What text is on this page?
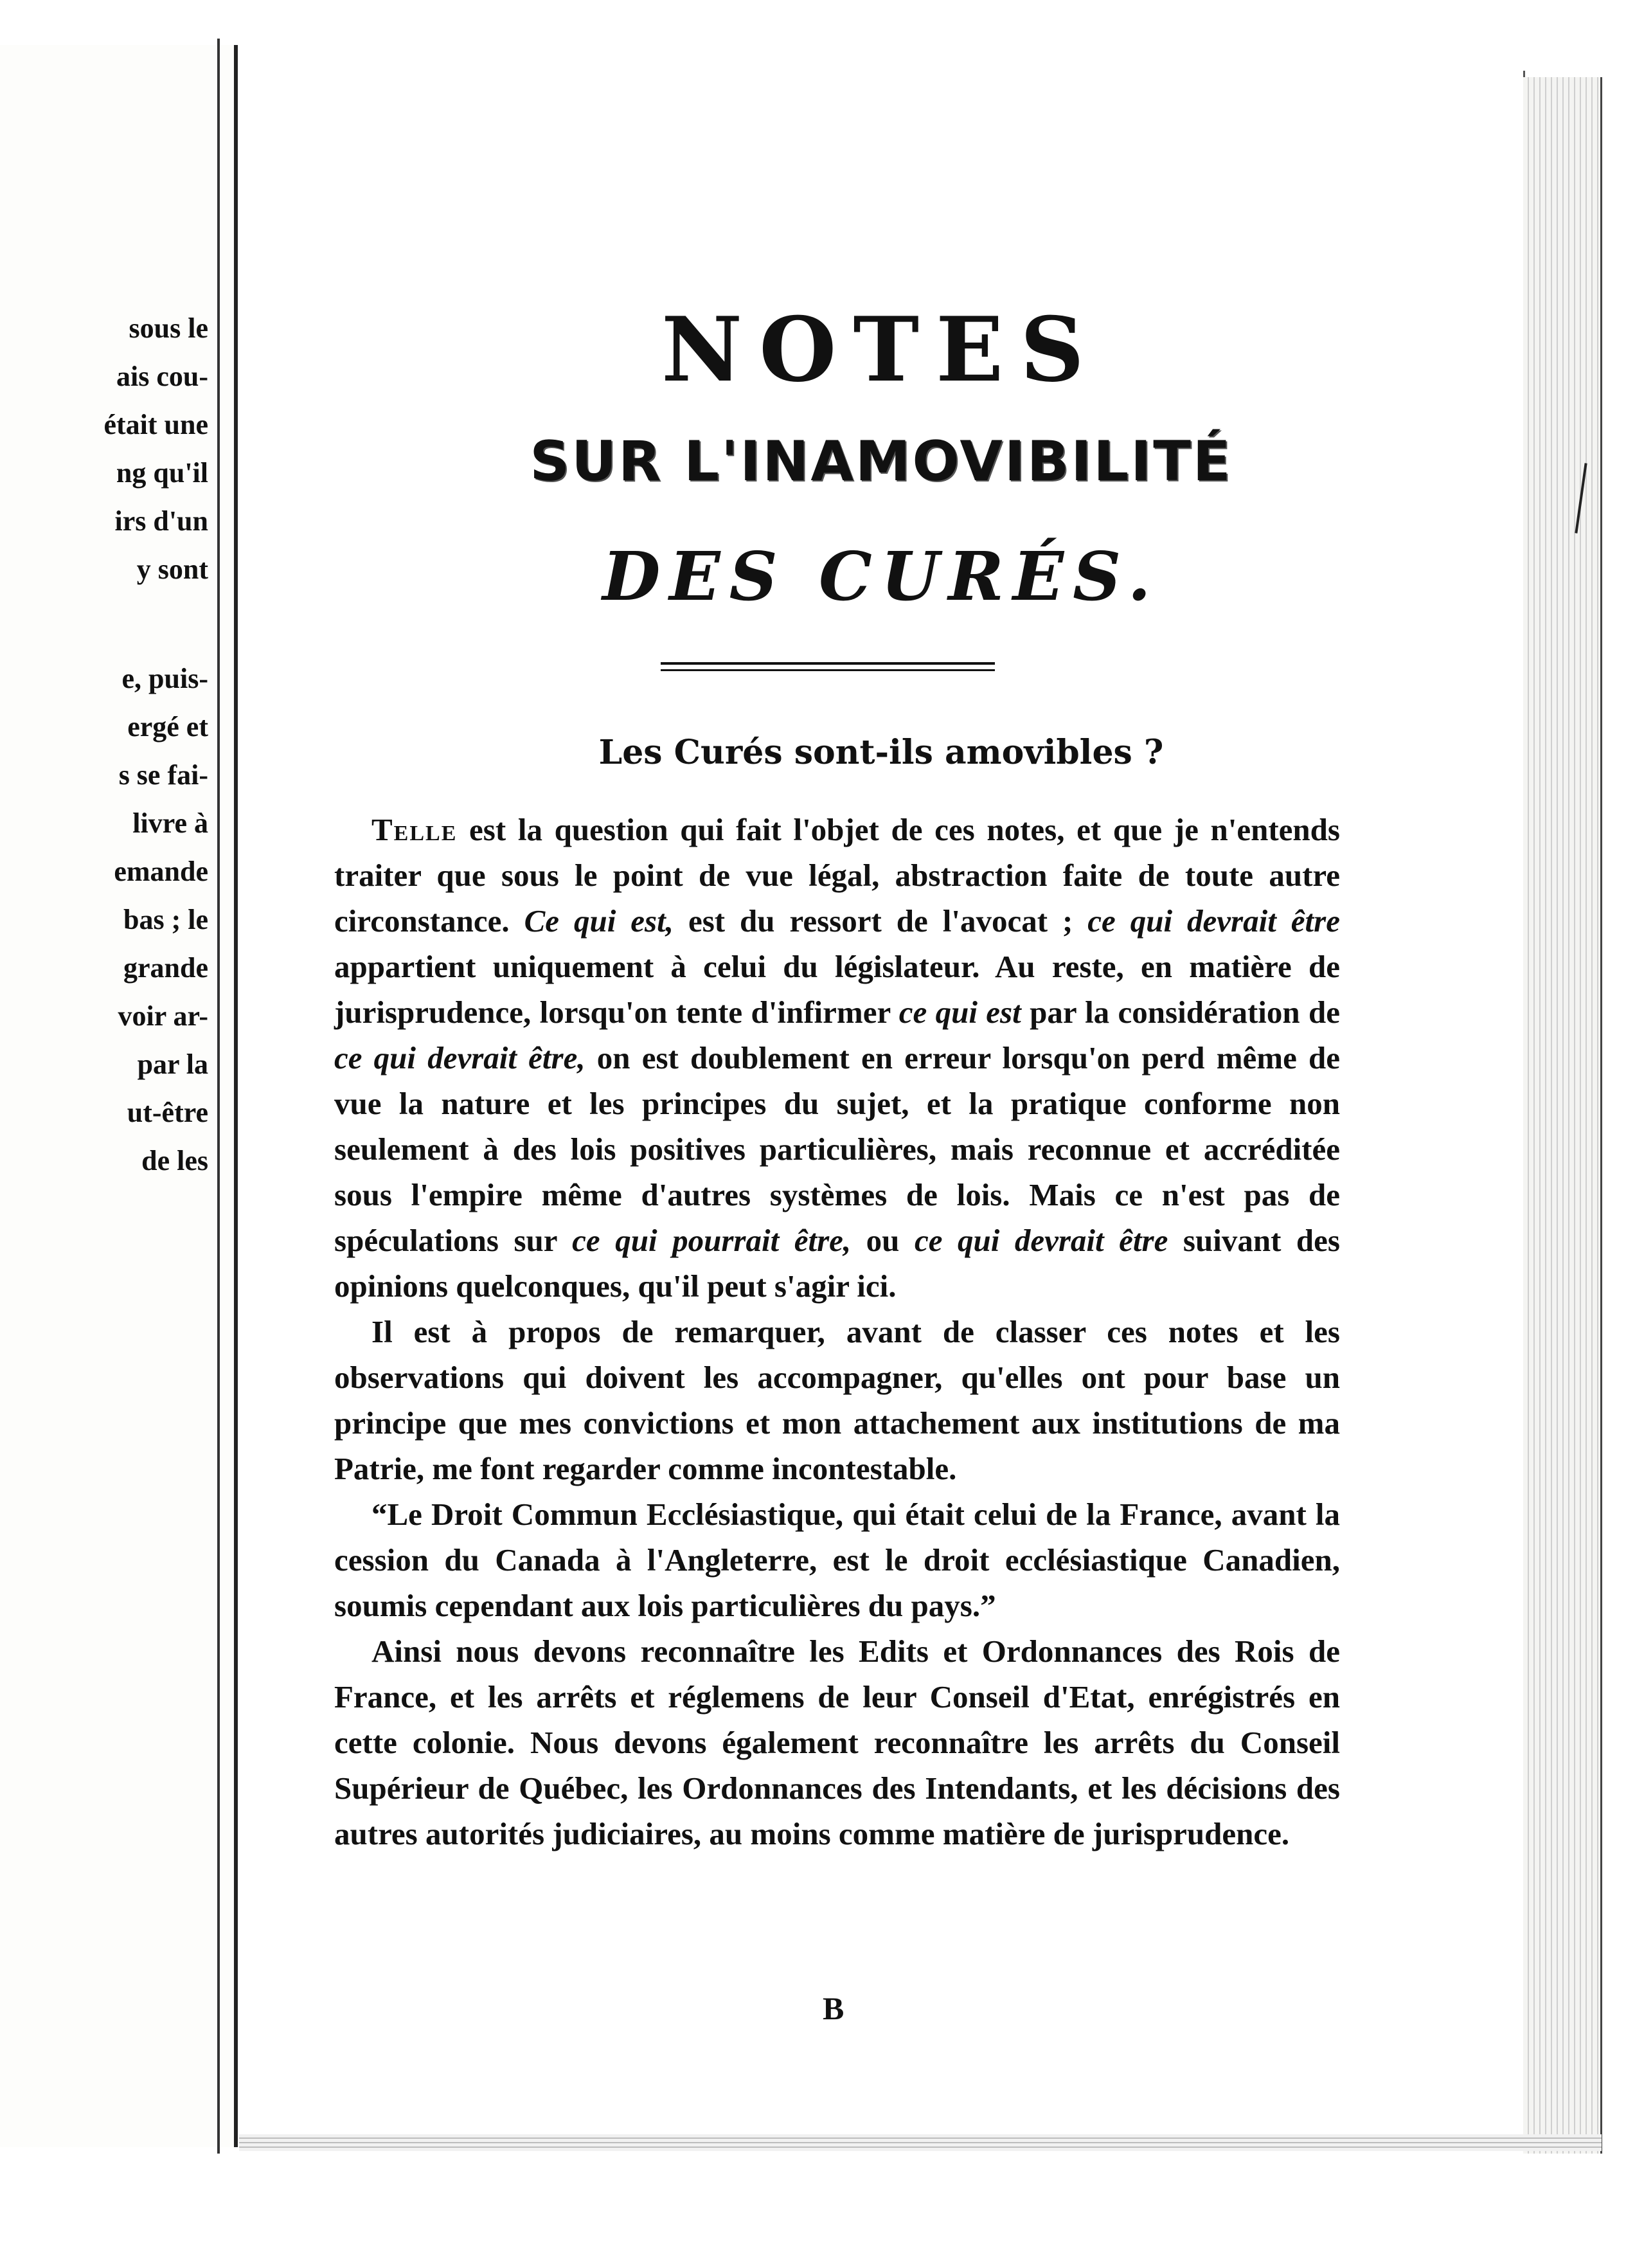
sous le
ais cou-
était une
ng qu'il
irs d'un
y sont
e, puis-
ergé et
s se fai-
livre à
emande
bas ; le
grande
voir ar-
par la
ut-être
de les
NOTES
SUR L'INAMOVIBILITÉ
DES CURÉS.
Les Curés sont-ils amovibles ?

Telle est la question qui fait l'objet de ces notes, et que je n'entends traiter que sous le point de vue légal, abstraction faite de toute autre circonstance. Ce qui est, est du ressort de l'avocat ; ce qui devrait être appartient uniquement à celui du législateur. Au reste, en matière de jurisprudence, lorsqu'on tente d'infirmer ce qui est par la considération de ce qui devrait être, on est doublement en erreur lorsqu'on perd même de vue la nature et les principes du sujet, et la pratique conforme non seulement à des lois positives particulières, mais reconnue et accréditée sous l'empire même d'autres systèmes de lois. Mais ce n'est pas de spéculations sur ce qui pourrait être, ou ce qui devrait être suivant des opinions quelconques, qu'il peut s'agir ici.

Il est à propos de remarquer, avant de classer ces notes et les observations qui doivent les accompagner, qu'elles ont pour base un principe que mes convictions et mon attachement aux institutions de ma Patrie, me font regarder comme incontestable.

“Le Droit Commun Ecclésiastique, qui était celui de la France, avant la cession du Canada à l'Angleterre, est le droit ecclésiastique Canadien, soumis cependant aux lois particulières du pays.”

Ainsi nous devons reconnaître les Edits et Ordonnances des Rois de France, et les arrêts et réglemens de leur Conseil d'Etat, enrégistrés en cette colonie. Nous devons également reconnaître les arrêts du Conseil Supérieur de Québec, les Ordonnances des Intendants, et les décisions des autres autorités judiciaires, au moins comme matière de jurisprudence.

B
